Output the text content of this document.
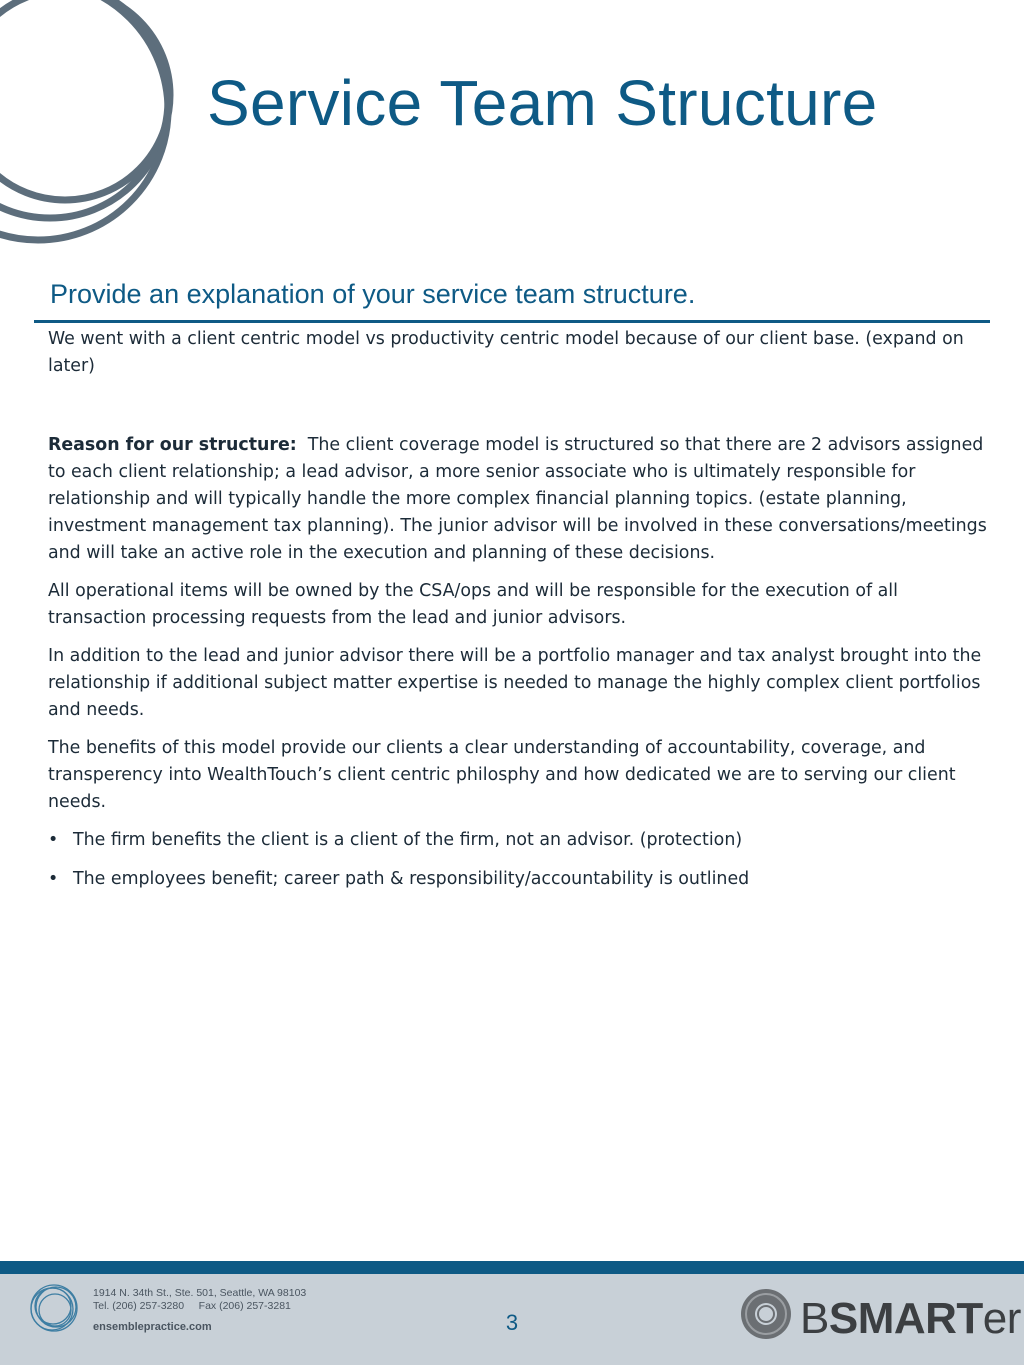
Service Team Structure
Provide an explanation of your service team structure.

We went with a client centric model vs productivity centric model because of our client base. (expand on later)

Reason for our structure: The client coverage model is structured so that there are 2 advisors assigned to each client relationship; a lead advisor, a more senior associate who is ultimately responsible for relationship and will typically handle the more complex financial planning topics. (estate planning, investment management tax planning). The junior advisor will be involved in these conversations/meetings and will take an active role in the execution and planning of these decisions.

All operational items will be owned by the CSA/ops and will be responsible for the execution of all transaction processing requests from the lead and junior advisors.

In addition to the lead and junior advisor there will be a portfolio manager and tax analyst brought into the relationship if additional subject matter expertise is needed to manage the highly complex client portfolios and needs.

The benefits of this model provide our clients a clear understanding of accountability, coverage, and transperency into WealthTouch’s client centric philosphy and how dedicated we are to serving our client needs.

• The firm benefits the client is a client of the firm, not an advisor. (protection)
• The employees benefit; career path & responsibility/accountability is outlined
1914 N. 34th St., Ste. 501, Seattle, WA 98103
Tel. (206) 257-3280 Fax (206) 257-3281
ensemblepractice.com	3	BSMARTer
